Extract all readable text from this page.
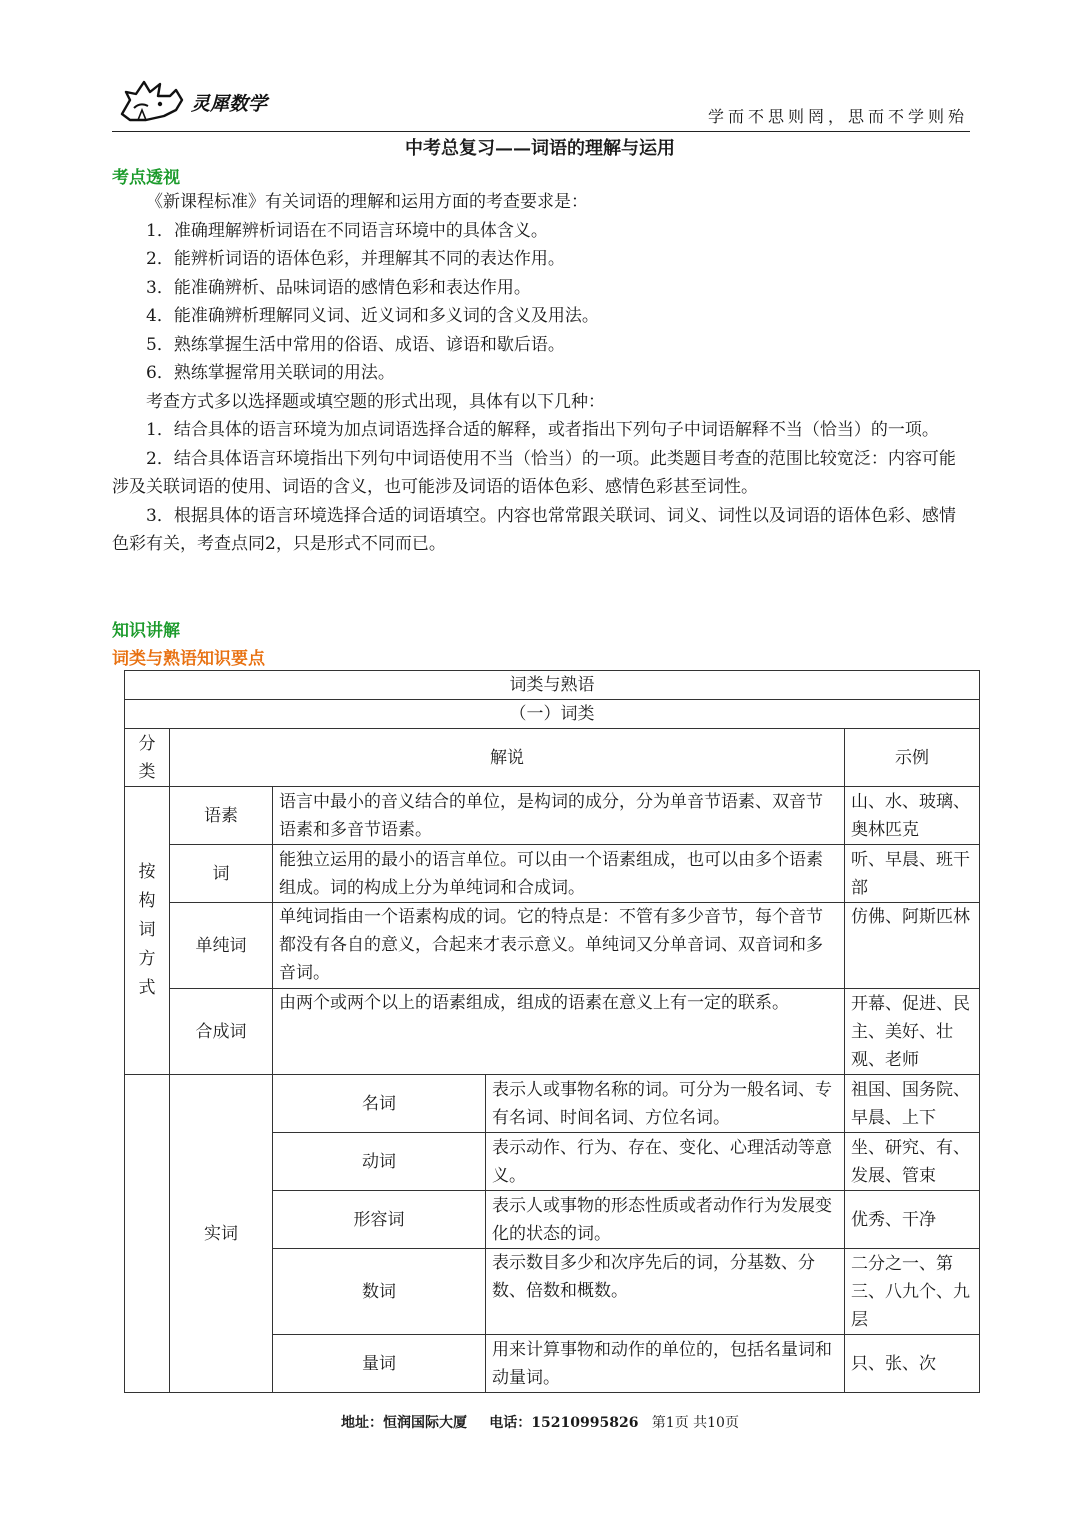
灵犀数学
学而不思则罔，思而不学则殆
中考总复习——词语的理解与运用
考点透视

《新课程标准》有关词语的理解和运用方面的考查要求是：

1．准确理解辨析词语在不同语言环境中的具体含义。

2．能辨析词语的语体色彩，并理解其不同的表达作用。

3．能准确辨析、品味词语的感情色彩和表达作用。

4．能准确辨析理解同义词、近义词和多义词的含义及用法。

5．熟练掌握生活中常用的俗语、成语、谚语和歇后语。

6．熟练掌握常用关联词的用法。

考查方式多以选择题或填空题的形式出现，具体有以下几种：

1．结合具体的语言环境为加点词语选择合适的解释，或者指出下列句子中词语解释不当（恰当）的一项。

2．结合具体语言环境指出下列句中词语使用不当（恰当）的一项。此类题目考查的范围比较宽泛：内容可能涉及关联词语的使用、词语的含义，也可能涉及词语的语体色彩、感情色彩甚至词性。

3．根据具体的语言环境选择合适的词语填空。内容也常常跟关联词、词义、词性以及词语的语体色彩、感情色彩有关，考查点同2，只是形式不同而已。

知识讲解
词类与熟语知识要点
词类与熟语				
（一）词类				

分类	解说			示例

按构词方式	语素	语言中最小的音义结合的单位，是构词的成分，分为单音节语素、双音节语素和多音节语素。		山、水、玻璃、奥林匹克
	词	能独立运用的最小的语言单位。可以由一个语素组成，也可以由多个语素组成。词的构成上分为单纯词和合成词。		听、早晨、班干部
	单纯词	单纯词指由一个语素构成的词。它的特点是：不管有多少音节，每个音节都没有各自的意义，合起来才表示意义。单纯词又分单音词、双音词和多音词。		仿佛、阿斯匹林
	合成词	由两个或两个以上的语素组成，组成的语素在意义上有一定的联系。		开幕、促进、民主、美好、壮观、老师
	实词	名词	表示人或事物名称的词。可分为一般名词、专有名词、时间名词、方位名词。	祖国、国务院、早晨、上下
		动词	表示动作、行为、存在、变化、心理活动等意义。	坐、研究、有、发展、管束
		形容词	表示人或事物的形态性质或者动作行为发展变化的状态的词。	优秀、干净
		数词	表示数目多少和次序先后的词，分基数、分数、倍数和概数。	二分之一、第三、八九个、九层
		量词	用来计算事物和动作的单位的，包括名量词和动量词。	只、张、次
地址：恒润国际大厦 电话：15210995826 第1页 共10页
